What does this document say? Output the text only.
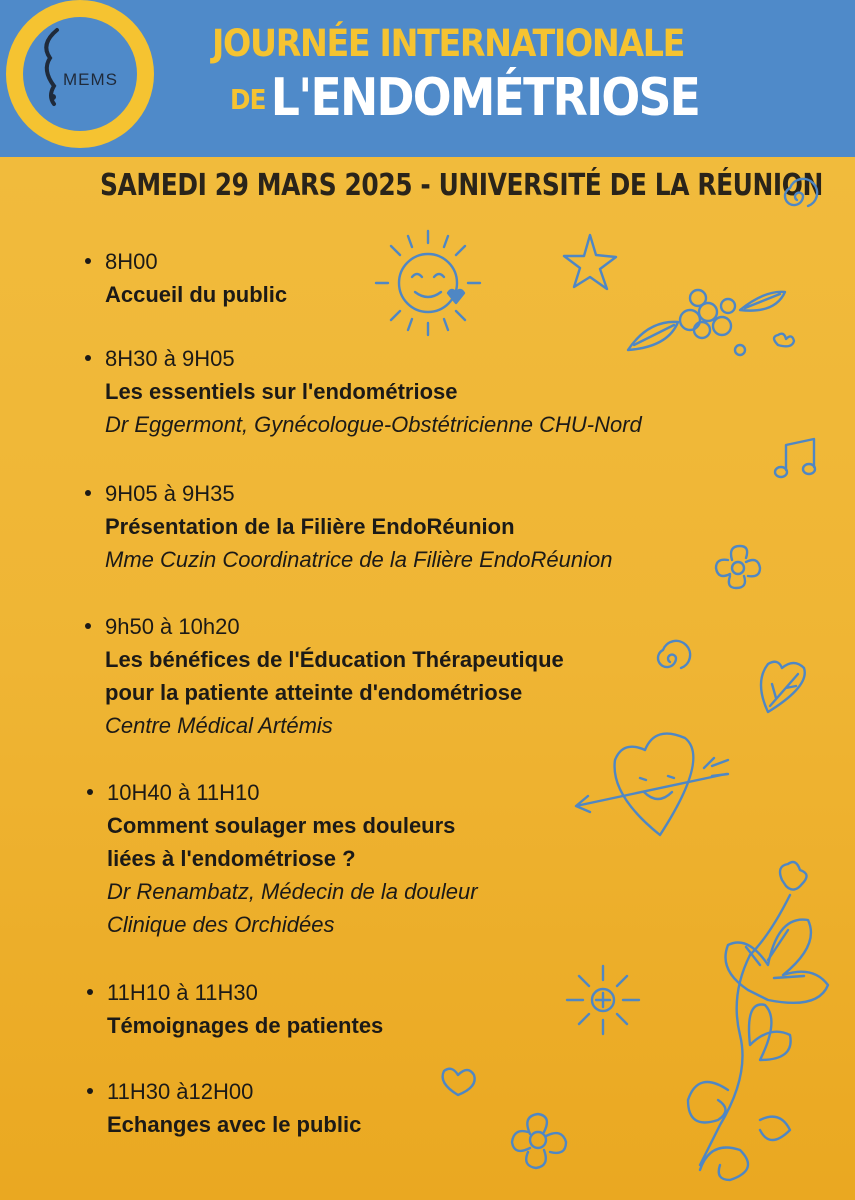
MEMS
JOURNÉE INTERNATIONALE
DE L'ENDOMÉTRIOSE
SAMEDI 29 MARS 2025 - UNIVERSITÉ DE LA RÉUNION
8H00
Accueil du public
8H30 à 9H05
Les essentiels sur l'endométriose
Dr Eggermont, Gynécologue-Obstétricienne CHU-Nord
9H05 à 9H35
Présentation de la Filière EndoRéunion
Mme Cuzin Coordinatrice de la Filière EndoRéunion
9h50 à 10h20
Les bénéfices de l'Éducation Thérapeutique
pour la patiente atteinte d'endométriose
Centre Médical Artémis
10H40 à 11H10
Comment soulager mes douleurs
liées à l'endométriose ?
Dr Renambatz, Médecin de la douleur
Clinique des Orchidées
11H10 à 11H30
Témoignages de patientes
11H30 à12H00
Echanges avec le public
